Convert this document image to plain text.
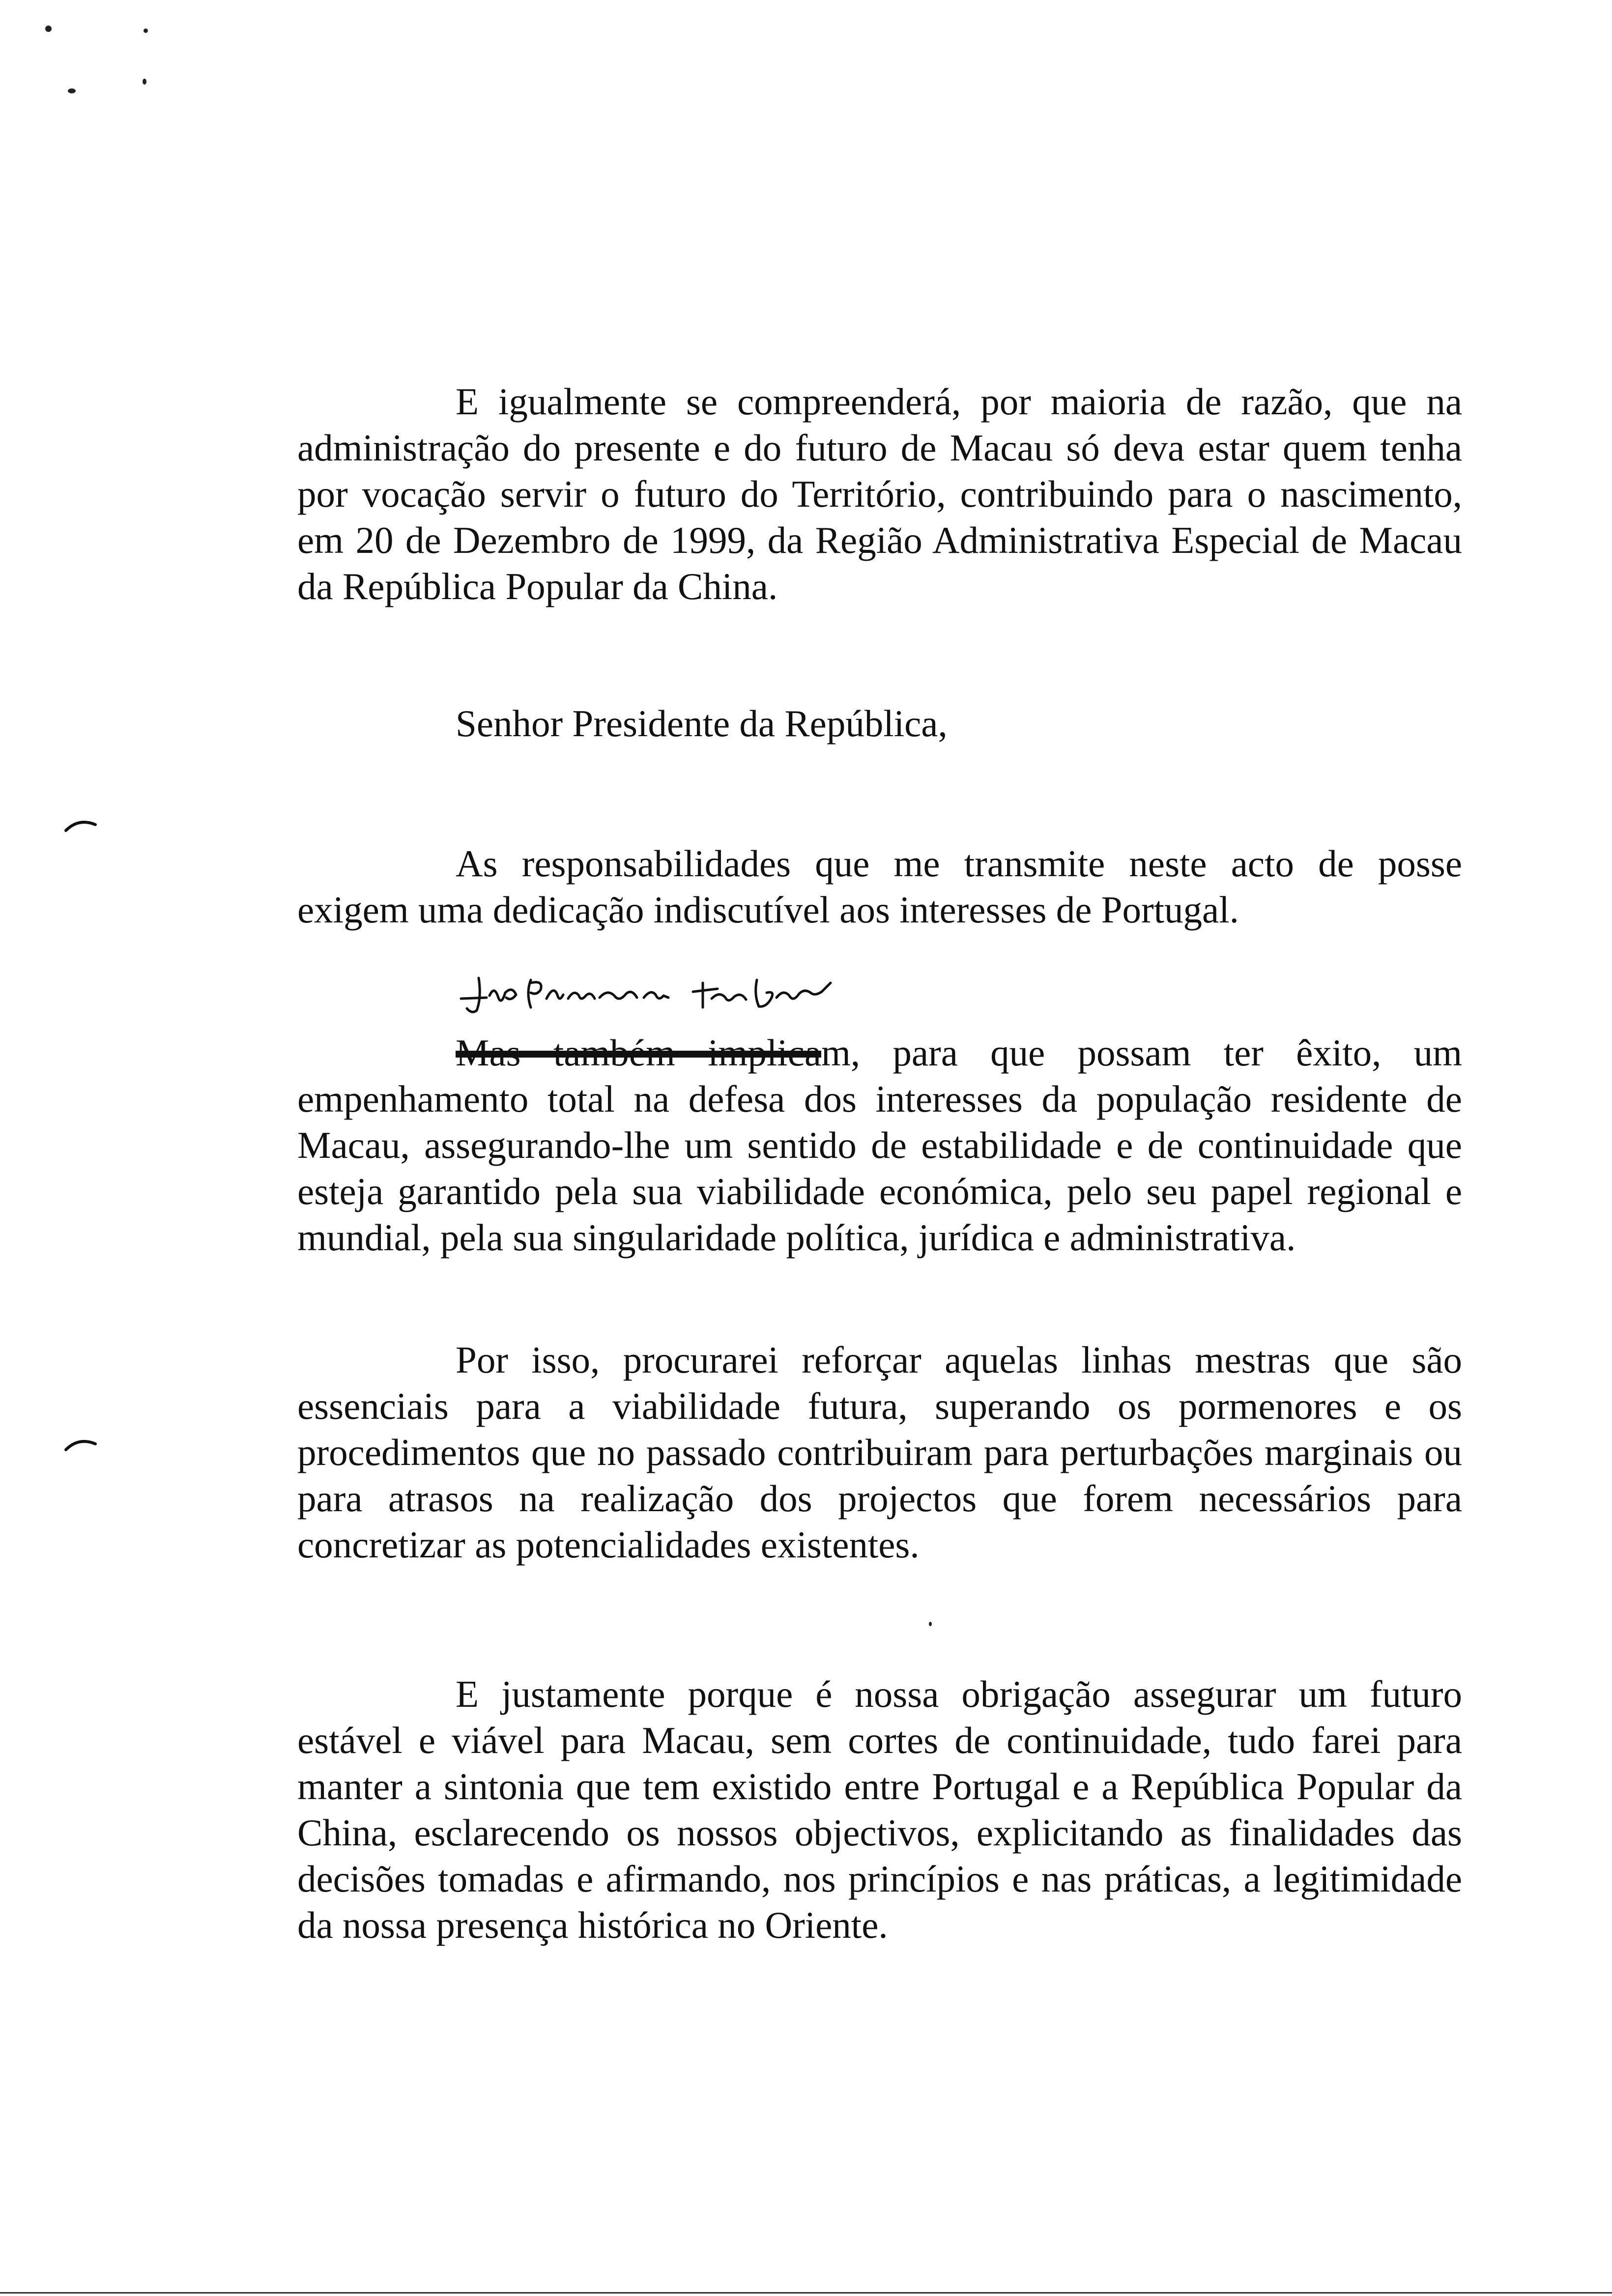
E igualmente se compreenderá, por maioria de razão, que na administração do presente e do futuro de Macau só deva estar quem tenha por vocação servir o futuro do Território, contribuindo para o nascimento, em 20 de Dezembro de 1999, da Região Administrativa Especial de Macau da República Popular da China.

Senhor Presidente da República,

As responsabilidades que me transmite neste acto de posse exigem uma dedicação indiscutível aos interesses de Portugal.

Mas também implicam, para que possam ter êxito, um empenhamento total na defesa dos interesses da população residente de Macau, assegurando-lhe um sentido de estabilidade e de continuidade que esteja garantido pela sua viabilidade económica, pelo seu papel regional e mundial, pela sua singularidade política, jurídica e administrativa.

Por isso, procurarei reforçar aquelas linhas mestras que são essenciais para a viabilidade futura, superando os pormenores e os procedimentos que no passado contribuiram para perturbações marginais ou para atrasos na realização dos projectos que forem necessários para concretizar as potencialidades existentes.

E justamente porque é nossa obrigação assegurar um futuro estável e viável para Macau, sem cortes de continuidade, tudo farei para manter a sintonia que tem existido entre Portugal e a República Popular da China, esclarecendo os nossos objectivos, explicitando as finalidades das decisões tomadas e afirmando, nos princípios e nas práticas, a legitimidade da nossa presença histórica no Oriente.
